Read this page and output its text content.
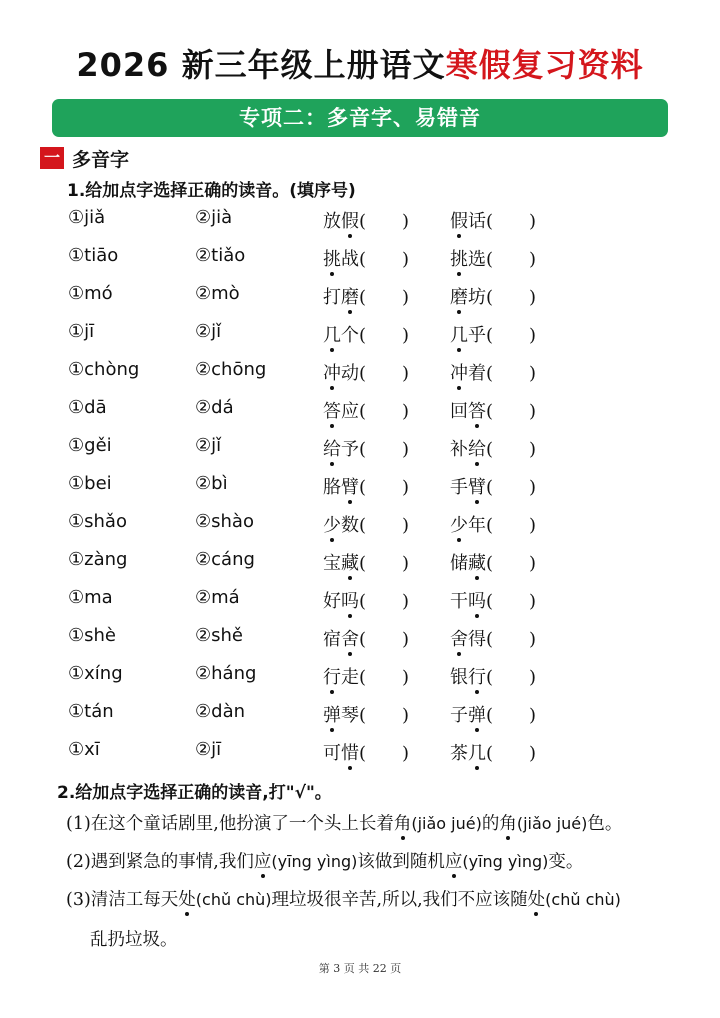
2026 新三年级上册语文寒假复习资料
专项二：多音字、易错音
一 多音字
1.给加点字选择正确的读音。(填序号)
①jiǎ	②jià	放假(　　) 假话(　　)
①tiāo	②tiǎo	挑战(　　) 挑选(　　)
①mó	②mò	打磨(　　) 磨坊(　　)
①jī	②jǐ	几个(　　) 几乎(　　)
①chòng	②chōng	冲动(　　) 冲着(　　)
①dā	②dá	答应(　　) 回答(　　)
①gěi	②jǐ	给予(　　) 补给(　　)
①bei	②bì	胳臂(　　) 手臂(　　)
①shǎo	②shào	少数(　　) 少年(　　)
①zàng	②cáng	宝藏(　　) 储藏(　　)
①ma	②má	好吗(　　) 干吗(　　)
①shè	②shě	宿舍(　　) 舍得(　　)
①xíng	②háng	行走(　　) 银行(　　)
①tán	②dàn	弹琴(　　) 子弹(　　)
①xī	②jī	可惜(　　) 茶几(　　)
2.给加点字选择正确的读音,打"√"。
(1)在这个童话剧里,他扮演了一个头上长着角(jiǎo jué)的角(jiǎo jué)色。
(2)遇到紧急的事情,我们应(yīng yìng)该做到随机应(yīng yìng)变。
(3)清洁工每天处(chǔ chù)理垃圾很辛苦,所以,我们不应该随处(chǔ chù)
乱扔垃圾。
第 3 页 共 22 页
